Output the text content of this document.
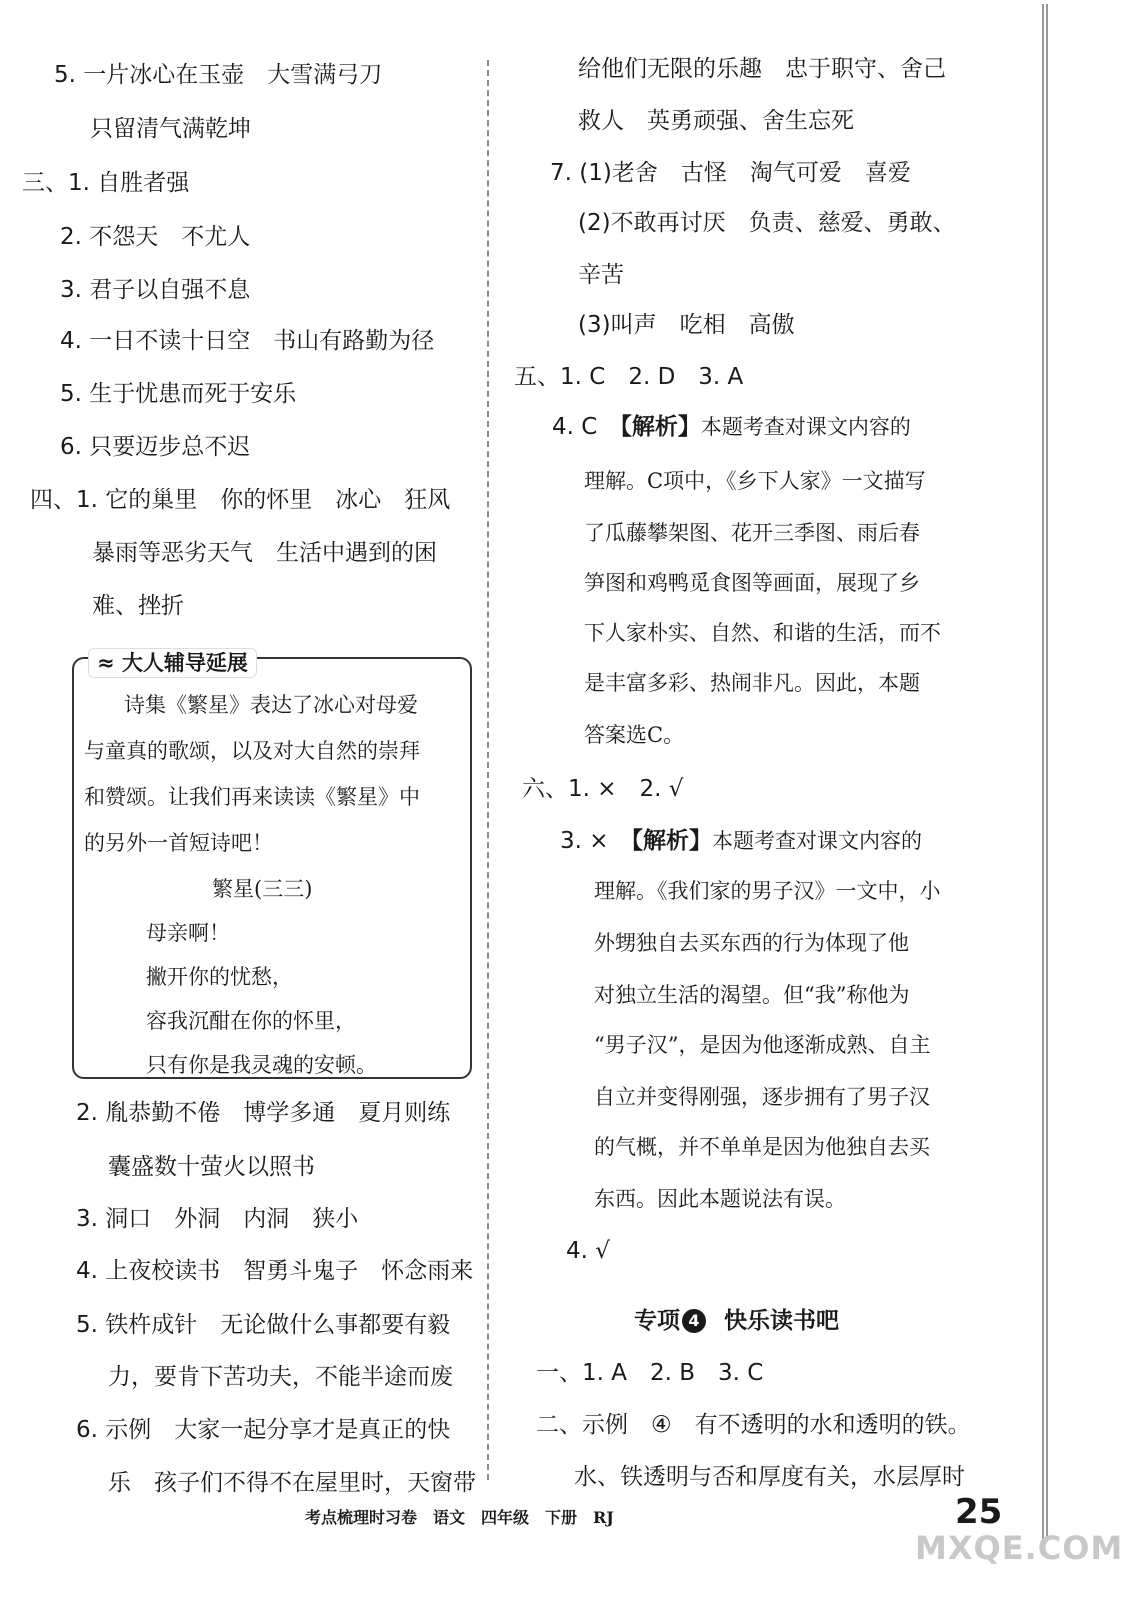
5. 一片冰心在玉壶　大雪满弓刀
只留清气满乾坤
三、1. 自胜者强
2. 不怨天　不尤人
3. 君子以自强不息
4. 一日不读十日空　书山有路勤为径
5. 生于忧患而死于安乐
6. 只要迈步总不迟
四、1. 它的巢里　你的怀里　冰心　狂风
暴雨等恶劣天气　生活中遇到的困
难、挫折
≈ 大人辅导延展
诗集《繁星》表达了冰心对母爱
与童真的歌颂，以及对大自然的崇拜
和赞颂。让我们再来读读《繁星》中
的另外一首短诗吧！
繁星(三三)
母亲啊！
撇开你的忧愁，
容我沉酣在你的怀里，
只有你是我灵魂的安顿。
2. 胤恭勤不倦　博学多通　夏月则练
囊盛数十萤火以照书
3. 洞口　外洞　内洞　狭小
4. 上夜校读书　智勇斗鬼子　怀念雨来
5. 铁杵成针　无论做什么事都要有毅
力，要肯下苦功夫，不能半途而废
6. 示例　大家一起分享才是真正的快
乐　孩子们不得不在屋里时，天窗带
给他们无限的乐趣　忠于职守、舍己
救人　英勇顽强、舍生忘死
7. (1)老舍　古怪　淘气可爱　喜爱
(2)不敢再讨厌　负责、慈爱、勇敢、
辛苦
(3)叫声　吃相　高傲
五、1. C　2. D　3. A
4. C　【解析】本题考查对课文内容的
理解。C项中，《乡下人家》一文描写
了瓜藤攀架图、花开三季图、雨后春
笋图和鸡鸭觅食图等画面，展现了乡
下人家朴实、自然、和谐的生活，而不
是丰富多彩、热闹非凡。因此，本题
答案选C。
六、1. ×　2. √
3. ×　【解析】本题考查对课文内容的
理解。《我们家的男子汉》一文中，小
外甥独自去买东西的行为体现了他
对独立生活的渴望。但“我”称他为
“男子汉”，是因为他逐渐成熟、自主
自立并变得刚强，逐步拥有了男子汉
的气概，并不单单是因为他独自去买
东西。因此本题说法有误。
4. √
专项 4 快乐读书吧
一、1. A　2. B　3. C
二、示例　④　有不透明的水和透明的铁。
水、铁透明与否和厚度有关，水层厚时
考点梳理时习卷　语文　四年级　下册　RJ	25
MXQE.COM
